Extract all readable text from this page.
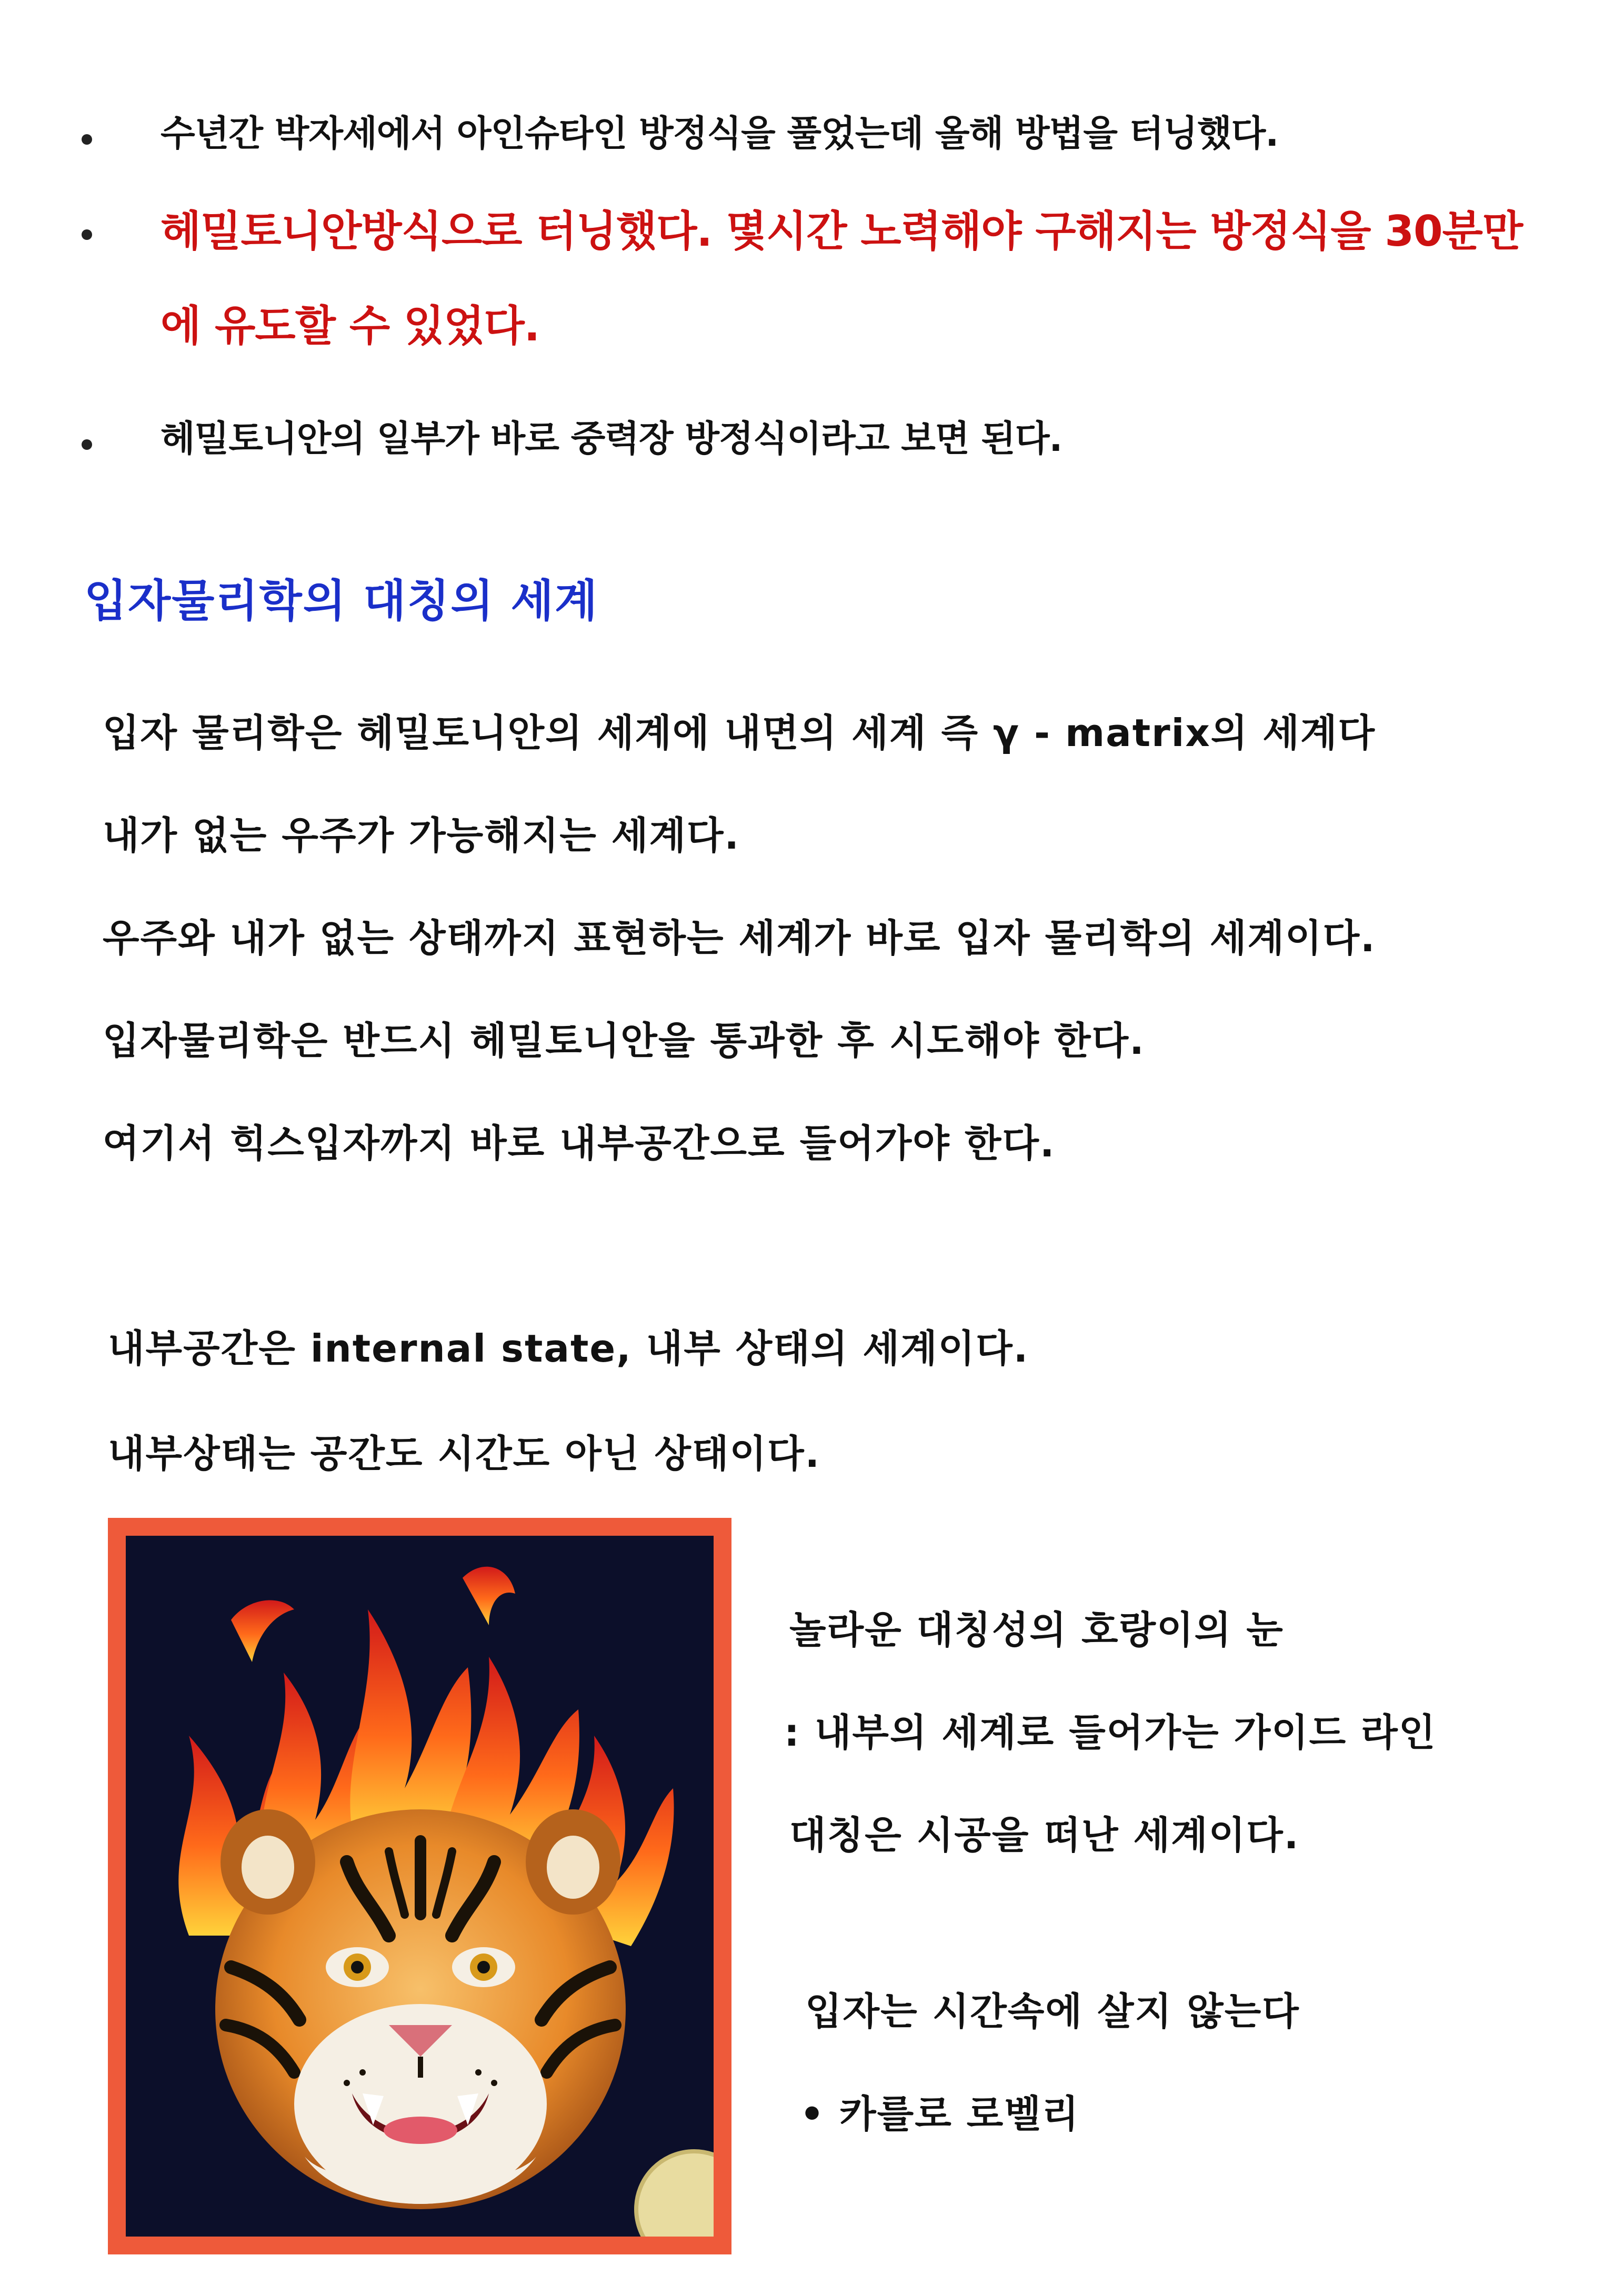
수년간 박자세에서 아인슈타인 방정식을 풀었는데 올해 방법을 터닝했다.
헤밀토니안방식으로 터닝했다. 몇시간 노력해야 구해지는 방정식을 30분만
에 유도할 수 있었다.
헤밀토니안의 일부가 바로 중력장 방정식이라고 보면 된다.
입자물리학의 대칭의 세계
입자 물리학은 헤밀토니안의 세계에 내면의 세계 즉 γ - matrix의 세계다
내가 없는 우주가 가능해지는 세계다.
우주와 내가 없는 상태까지 표현하는 세계가 바로 입자 물리학의 세계이다.
입자물리학은 반드시 헤밀토니안을 통과한 후 시도해야 한다.
여기서 힉스입자까지 바로 내부공간으로 들어가야 한다.
내부공간은 internal state, 내부 상태의 세계이다.
내부상태는 공간도 시간도 아닌 상태이다.
놀라운 대칭성의 호랑이의 눈
: 내부의 세계로 들어가는 가이드 라인
대칭은 시공을 떠난 세계이다.
입자는 시간속에 살지 않는다
• 카를로 로벨리
